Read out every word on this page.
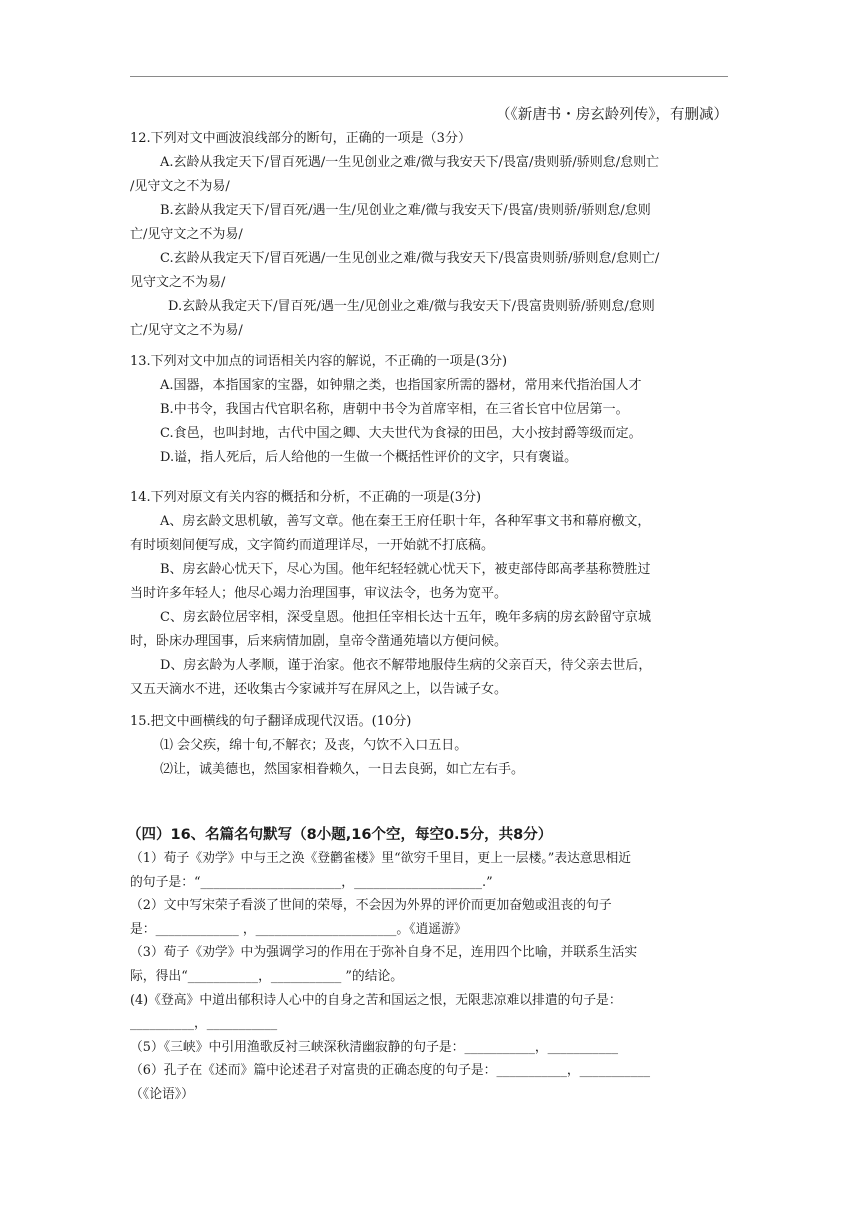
（《新唐书・房玄龄列传》，有删减）
12.下列对文中画波浪线部分的断句，正确的一项是（3分）
A.玄龄从我定天下/冒百死遇/一生见创业之难/微与我安天下/畏富/贵则骄/骄则怠/怠则亡
/见守文之不为易/
B.玄龄从我定天下/冒百死/遇一生/见创业之难/微与我安天下/畏富/贵则骄/骄则怠/怠则
亡/见守文之不为易/
C.玄龄从我定天下/冒百死遇/一生见创业之难/微与我安天下/畏富贵则骄/骄则怠/怠则亡/
见守文之不为易/
D.玄龄从我定天下/冒百死/遇一生/见创业之难/微与我安天下/畏富贵则骄/骄则怠/怠则
亡/见守文之不为易/
13.下列对文中加点的词语相关内容的解说，不正确的一项是(3分)
A.国器，本指国家的宝器，如钟鼎之类，也指国家所需的器材，常用来代指治国人才
B.中书令，我国古代官职名称，唐朝中书令为首席宰相，在三省长官中位居第一。
C.食邑，也叫封地，古代中国之卿、大夫世代为食禄的田邑，大小按封爵等级而定。
D.谥，指人死后，后人给他的一生做一个概括性评价的文字，只有褒谥。
14.下列对原文有关内容的概括和分析，不正确的一项是(3分)
A、房玄龄文思机敏，善写文章。他在秦王王府任职十年，各种军事文书和幕府檄文，
有时顷刻间便写成，文字简约而道理详尽，一开始就不打底稿。
B、房玄龄心忧天下，尽心为国。他年纪轻轻就心忧天下，被吏部侍郎高孝基称赞胜过
当时许多年轻人；他尽心竭力治理国事，审议法令，也务为宽平。
C、房玄龄位居宰相，深受皇恩。他担任宰相长达十五年，晚年多病的房玄龄留守京城
时，卧床办理国事，后来病情加剧，皇帝令凿通苑墙以方便问候。
D、房玄龄为人孝顺，谨于治家。他衣不解带地服侍生病的父亲百天，待父亲去世后，
又五天滴水不进，还收集古今家诫并写在屏风之上，以告诫子女。
15.把文中画横线的句子翻译成现代汉语。(10分)
⑴ 会父疾，绵十旬,不解衣；及丧，勺饮不入口五日。
⑵让，诚美德也，然国家相眷赖久，一日去良弼，如亡左右手。
（四）16、名篇名句默写（8小题,16个空，每空0.5分，共8分）
（1）荀子《劝学》中与王之涣《登鹳雀楼》里“欲穷千里目，更上一层楼。”表达意思相近
的句子是：“______________________，____________________.”
（2）文中写宋荣子看淡了世间的荣辱，不会因为外界的评价而更加奋勉或沮丧的句子
是：_____________ ，______________________。《逍遥游》
（3）荀子《劝学》中为强调学习的作用在于弥补自身不足，连用四个比喻，并联系生活实
际，得出“___________，___________ ”的结论。
(4)《登高》中道出郁积诗人心中的自身之苦和国运之恨，无限悲凉难以排遣的句子是：
__________，___________
（5）《三峡》中引用渔歌反衬三峡深秋清幽寂静的句子是：___________，___________
（6）孔子在《述而》篇中论述君子对富贵的正确态度的句子是：___________，___________
（《论语》）
